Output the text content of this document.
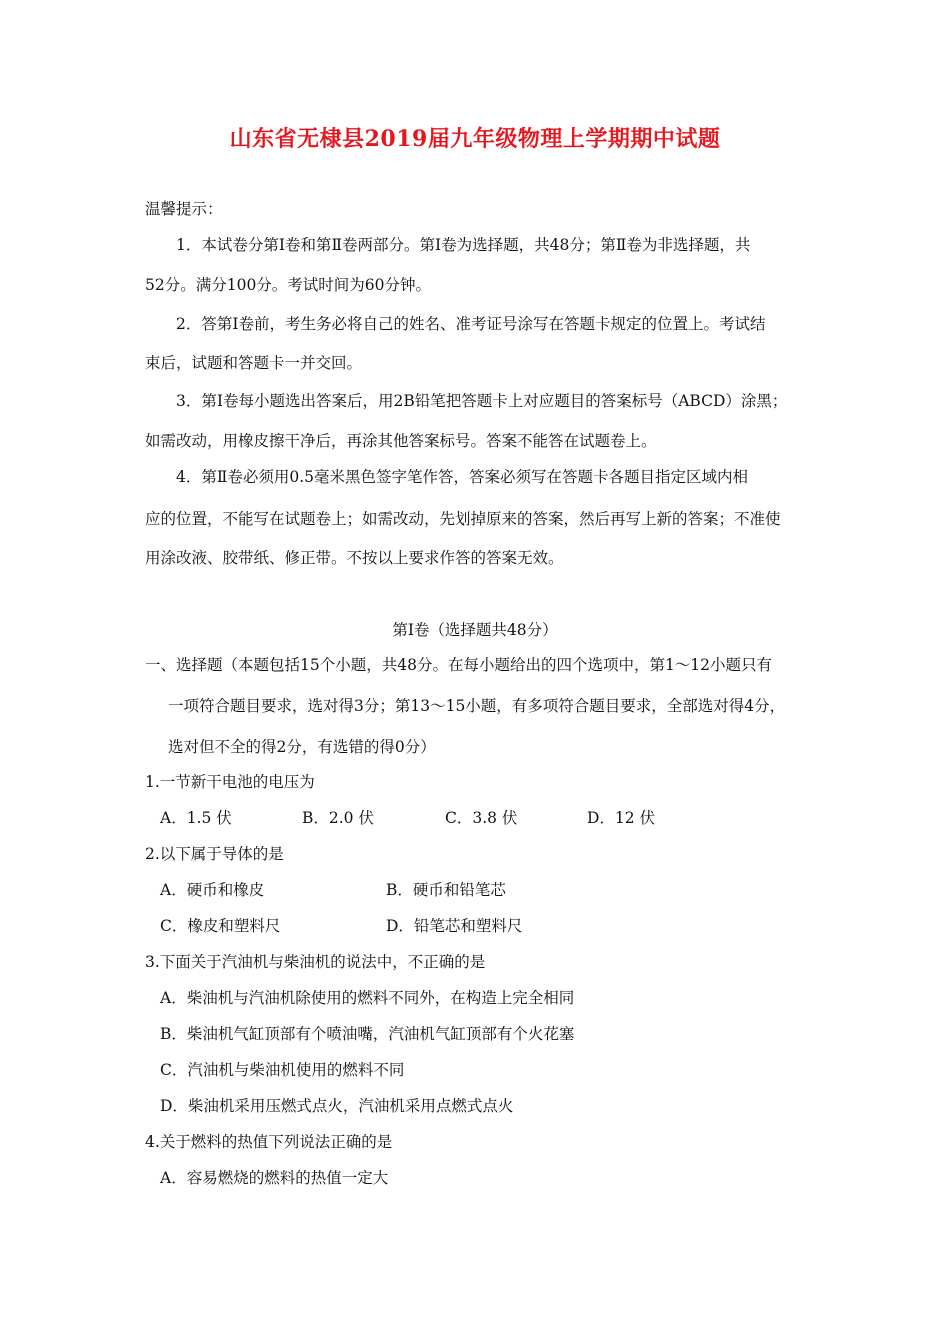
山东省无棣县2019届九年级物理上学期期中试题
温馨提示：
1．本试卷分第Ⅰ卷和第Ⅱ卷两部分。第Ⅰ卷为选择题，共48分；第Ⅱ卷为非选择题，共
52分。满分100分。考试时间为60分钟。
2．答第Ⅰ卷前，考生务必将自己的姓名、准考证号涂写在答题卡规定的位置上。考试结
束后，试题和答题卡一并交回。
3．第Ⅰ卷每小题选出答案后，用2B铅笔把答题卡上对应题目的答案标号（ABCD）涂黑；
如需改动，用橡皮擦干净后，再涂其他答案标号。答案不能答在试题卷上。
4．第Ⅱ卷必须用0.5毫米黑色签字笔作答，答案必须写在答题卡各题目指定区域内相
应的位置，不能写在试题卷上；如需改动，先划掉原来的答案，然后再写上新的答案；不准使
用涂改液、胶带纸、修正带。不按以上要求作答的答案无效。
第Ⅰ卷（选择题共48分）
一、选择题（本题包括15个小题，共48分。在每小题给出的四个选项中，第1～12小题只有
一项符合题目要求，选对得3分；第13～15小题，有多项符合题目要求，全部选对得4分，
选对但不全的得2分，有选错的得0分）
1.一节新干电池的电压为
A．1.5 伏	B．2.0 伏	C．3.8 伏	D．12 伏
2.以下属于导体的是
A．硬币和橡皮	B．硬币和铅笔芯
C．橡皮和塑料尺	D．铅笔芯和塑料尺
3.下面关于汽油机与柴油机的说法中，不正确的是
A．柴油机与汽油机除使用的燃料不同外，在构造上完全相同
B．柴油机气缸顶部有个喷油嘴，汽油机气缸顶部有个火花塞
C．汽油机与柴油机使用的燃料不同
D．柴油机采用压燃式点火，汽油机采用点燃式点火
4.关于燃料的热值下列说法正确的是
A．容易燃烧的燃料的热值一定大
